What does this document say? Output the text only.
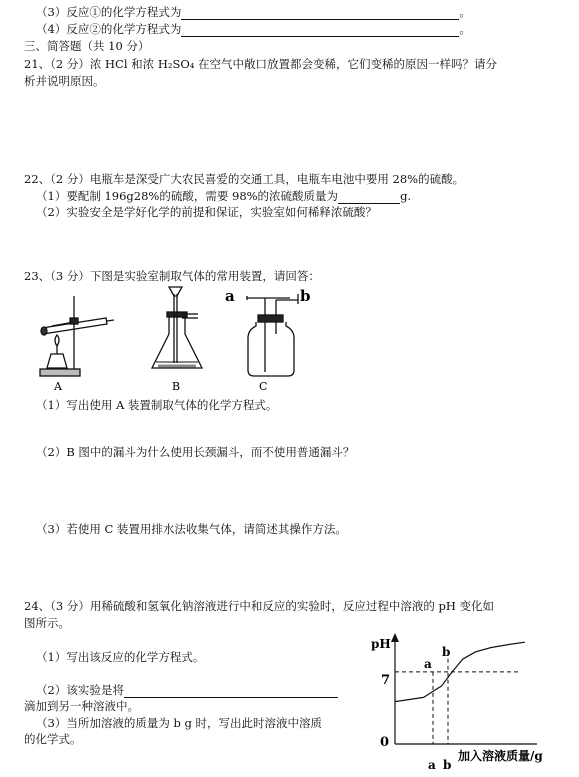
（3）反应①的化学方程式为	。
（4）反应②的化学方程式为	。
三、简答题（共 10 分）
21、（2 分）浓 HCl 和浓 H₂SO₄ 在空气中敞口放置都会变稀，它们变稀的原因一样吗？请分
析并说明原因。
22、（2 分）电瓶车是深受广大农民喜爱的交通工具，电瓶车电池中要用 28%的硫酸。
（1）要配制 196g28%的硫酸，需要 98%的浓硫酸质量为	g.
（2）实验安全是学好化学的前提和保证，实验室如何稀释浓硫酸？
23、（3 分）下图是实验室制取气体的常用装置，请回答：
a	b
A	B	C
（1）写出使用 A 装置制取气体的化学方程式。
（2）B 图中的漏斗为什么使用长颈漏斗，而不使用普通漏斗？
（3）若使用 C 装置用排水法收集气体，请简述其操作方法。
24、（3 分）用稀硫酸和氢氧化钠溶液进行中和反应的实验时，反应过程中溶液的 pH 变化如
图所示。
（1）写出该反应的化学方程式。
（2）该实验是将
滴加到另一种溶液中。
（3）当所加溶液的质量为 b g 时，写出此时溶液中溶质
的化学式。
pH
加入溶液质量/g
0
7
a b
a
b
